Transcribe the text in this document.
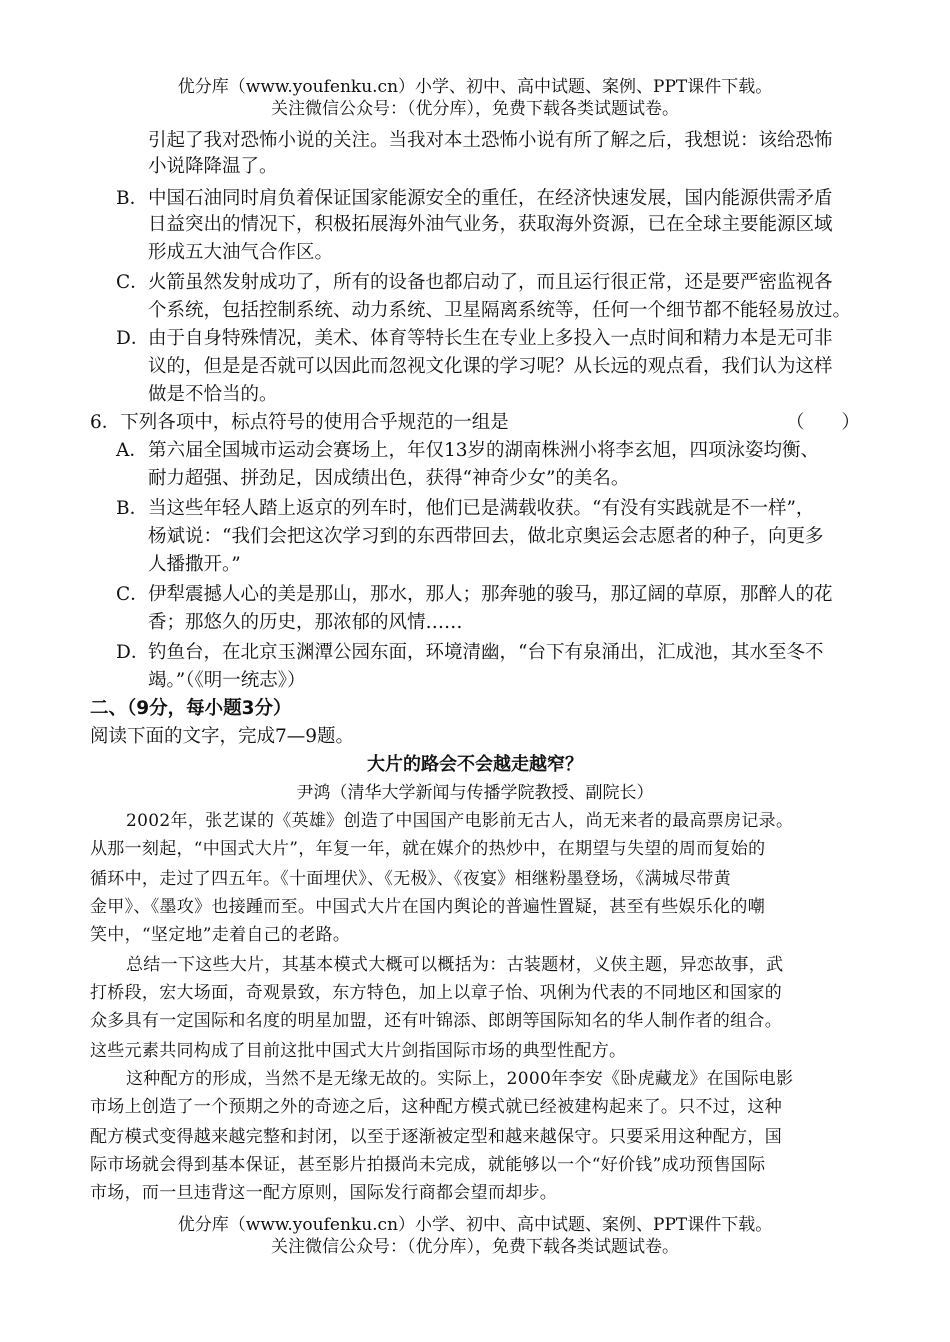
优分库（www.youfenku.cn）小学、初中、高中试题、案例、PPT课件下载。
关注微信公众号：（优分库），免费下载各类试题试卷。
引起了我对恐怖小说的关注。当我对本土恐怖小说有所了解之后，我想说：该给恐怖
小说降降温了。
B． 中国石油同时肩负着保证国家能源安全的重任，在经济快速发展，国内能源供需矛盾
日益突出的情况下，积极拓展海外油气业务，获取海外资源，已在全球主要能源区域
形成五大油气合作区。
C． 火箭虽然发射成功了，所有的设备也都启动了，而且运行很正常，还是要严密监视各
个系统，包括控制系统、动力系统、卫星隔离系统等，任何一个细节都不能轻易放过。
D．
由于自身特殊情况，美术、体育等特长生在专业上多投入一点时间和精力本是无可非
议的，但是是否就可以因此而忽视文化课的学习呢？从长远的观点看，我们认为这样
做是不恰当的。
6．下列各项中，标点符号的使用合乎规范的一组是	（　　）
A． 第六届全国城市运动会赛场上，年仅13岁的湖南株洲小将李玄旭，四项泳姿均衡、
耐力超强、拼劲足，因成绩出色，获得“神奇少女”的美名。
B． 当这些年轻人踏上返京的列车时，他们已是满载收获。“有没有实践就是不一样”，
杨斌说：“我们会把这次学习到的东西带回去，做北京奥运会志愿者的种子，向更多
人播撒开。”
C． 伊犁震撼人心的美是那山，那水，那人；那奔驰的骏马，那辽阔的草原，那醉人的花
香；那悠久的历史，那浓郁的风情……
D．
钓鱼台，在北京玉渊潭公园东面，环境清幽，“台下有泉涌出，汇成池，其水至冬不
竭。”（《明一统志》）
二、（9分，每小题3分）
阅读下面的文字，完成7—9题。
大片的路会不会越走越窄？
尹鸿（清华大学新闻与传播学院教授、副院长）
2002年，张艺谋的《英雄》创造了中国国产电影前无古人，尚无来者的最高票房记录。
从那一刻起，“中国式大片”，年复一年，就在媒介的热炒中，在期望与失望的周而复始的
循环中，走过了四五年。《十面埋伏》、《无极》、《夜宴》相继粉墨登场，《满城尽带黄
金甲》、《墨攻》也接踵而至。中国式大片在国内舆论的普遍性置疑，甚至有些娱乐化的嘲
笑中，“坚定地”走着自己的老路。
总结一下这些大片，其基本模式大概可以概括为：古装题材，义侠主题，异恋故事，武
打桥段，宏大场面，奇观景致，东方特色，加上以章子怡、巩俐为代表的不同地区和国家的
众多具有一定国际和名度的明星加盟，还有叶锦添、郎朗等国际知名的华人制作者的组合。
这些元素共同构成了目前这批中国式大片剑指国际市场的典型性配方。
这种配方的形成，当然不是无缘无故的。实际上，2000年李安《卧虎藏龙》在国际电影
市场上创造了一个预期之外的奇迹之后，这种配方模式就已经被建构起来了。只不过，这种
配方模式变得越来越完整和封闭，以至于逐渐被定型和越来越保守。只要采用这种配方，国
际市场就会得到基本保证，甚至影片拍摄尚未完成，就能够以一个“好价钱”成功预售国际
市场，而一旦违背这一配方原则，国际发行商都会望而却步。
优分库（www.youfenku.cn）小学、初中、高中试题、案例、PPT课件下载。
关注微信公众号：（优分库），免费下载各类试题试卷。
